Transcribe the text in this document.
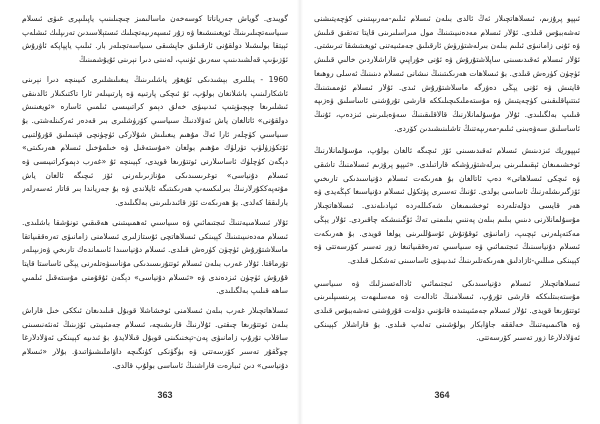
گويىدى. گوياش جەرياناتا كوسەخەن ماسالىمىز چىچىلىنىپ ياپىلىپرى غىۋى ئىسلام سىياسەتچىلىرىنىڭ ئويغىنىشىغا ۋە زۇر ئىسپەرىيەتچىلىك ئىستېلاسىدىن تەرىپلىك ئىشلەپ ئېيتقا بولىشىلا دولقۇنى ئارقىلىق جاپشىقى سىياسەتچىلەر بار. ئىلىپ ياپپاپكە ئاۋرۇش ئۆزىۋىپ قەلشىدىنىپ سەرىق ئۈنىپ، لەنىنى دىرا نېرىنى ئۇيۇشمىنىڭ

1960 - يىللىرى بېشىدىكى ئۇيغۇر ياشلىرىنىڭ يىغىلىشلىرى كىيىنچە دىرا نېرىنى ئاشكارلىنىپ باشلانغان بولۇپ، ئۇ ئىچكى پارتىيە ۋە پارتىيىلەر ئارا تاكتىكىلار ئالدىنقى ئىشلىرىغا چېچىۋېتىپ ئىدىيىۋى خەلق دېمو كراتىيىسى ئىلمىي ئاسارە «ئويغىنىش دولقۇنى» ئاتالغان ياش ئەۋلادنىڭ سىياسىي كۆرۈشلىرى بىر قەدەر ئەركىنلەشتى. بۇ سىياسىي كۈچلەر ئارا ئەڭ مۇھىم يىغىلىش شۇلاركى ئۈچۈنچى قېتىملىق قۇرۇلتىيى ئۆتكۈزۈلۈپ تۈرلۈك مۇھىم بولغان «مۇستەقىل ۋە خىلمۇخىل ئىسلام ھەرىكىتى» دېگەن كۈچلۈك ئاساسلارنى ئوتتۇرىغا قويدى، كېيىنچە ئۇ «غەرب دېموكراتىيىسى ۋە ئىسلام دۇنياسى» توغرىسىدىكى مۇنازىرىلەرنى ئۆز ئىچىگە ئالغان ياش مۇتەپەككۇرلارنىڭ بىرلىكسەپ ھەرىكىتىگە ئايلاندى ۋە بۇ جەرياندا بىر قاتار ئەسەرلەر بارلىققا كەلدى. بۇ ھەرىكەت ئۆز قائىدىلىرىنى بەلگىلىدى.

ئۇلار ئىسلامىيەتنىڭ ئىجتىمائىي ۋە سىياسىي ئەھمىيىتىنى ھەقىقىي تونۇشقا باشلىدى. ئىسلام مەدەنىيىتىنىڭ كېيىنكى ئىسلاھاتچى ئۇستازلىرى ئىسلامنى زامانىۋى تەرەققىياتقا ماسلاشتۇرۇش ئۈچۈن كۈرەش قىلدى. ئىسلام دۇنياسىدا ئاسماندەك تارىخي ۋەزىپىلەر تۇرماقتا. ئۇلار غەرب بىلەن ئىسلام ئوتتۇرىسىدىكى مۇناسىۋەتلەرنى يېڭى ئاساستا قايتا قۇرۇش ئۈچۈن ئىزدەندى ۋە «ئىسلام دۇنياسى» دېگەن ئۇقۇمنى مۇستەقىل ئىلمىي ساھە قىلىپ بەلگىلىدى.

ئىسلاھاتچىلار غەرب بىلەن ئىسلامنى ئوخشاشلا قوبۇل قىلىدىغان ئىككى خىل قاراش بىلەن ئوتتۇرىغا چىقتى. ئۇلارنىڭ قارىشىچە، ئىسلام جەمئىيىتى ئۆزىنىڭ ئەنئەنىسىنى ساقلاپ تۇرۇپ زامانىۋى پەن-تېخنىكىنى قوبۇل قىلالايدۇ. بۇ ئىدىيە كېيىنكى ئەۋلادلارغا چوڭقۇر تەسىر كۆرسەتتى ۋە بۈگۈنكى كۈنگىچە داۋاملىشىۋاتىدۇ. بۇلار «ئىسلام دۇنياسى» دىن ئىبارەت قاراشنىڭ ئاساسى بولۇپ قالدى.

ئىپپو پرۇزىم، ئىسلاھاتچىلار ئەڭ ئالدى بىلەن ئىسلام ئىلىم-مەرىپىتىنى كۈچەيتىشنى تەشەببۇس قىلدى. ئۇلار ئىسلام مەدەنىيىتىنىڭ مول مىراسلىرىنى قايتا تەتقىق قىلىش ۋە ئۇنى زامانىۋى ئىلىم بىلەن بىرلەشتۈرۈش ئارقىلىق جەمئىيەتنى ئويغىتىشقا تىرىشتى. ئۇلار ئىسلام ئەقىدىسىنى ساپلاشتۇرۇش ۋە ئۇنى خۇراپىي قاراشلاردىن خالىي قىلىش ئۈچۈن كۈرەش قىلدى. بۇ ئىسلاھات ھەرىكىتىنىڭ نىشانى ئىسلام دىنىنىڭ ئەسلى روھىغا قايتىش ۋە ئۇنى يېڭى دەۋرگە ماسلاشتۇرۇش ئىدى. ئۇلار ئىسلام ئۈممىتىنىڭ ئىتتىپاقلىقىنى كۈچەيتىش ۋە مۇستەملىكىچىلىككە قارشى تۇرۇشنى ئاساسلىق ۋەزىپە قىلىپ بەلگىلىدى. ئۇلار مۇسۇلمانلارنىڭ قالاقلىقىنىڭ سەۋەبلىرىنى ئىزدەپ، ئۇنىڭ ئاساسلىق سەۋەبىنى ئىلىم-مەرىپەتنىڭ تاشلىنىشىدىن كۆردى.

ئىپپوريك ئىزدىنىش ئىسلام ئەقىدىسىنى ئۆز ئىچىگە ئالغان بولۇپ، مۇسۇلمانلارنىڭ ئوخشىمىغان ئېقىملىرىنى بىرلەشتۈرۈشكە قاراتىلدى. «ئىپپو پرۇزىم ئىسلامنىڭ تاشقى ۋە ئىچكى ئىسلاھاتى» دەپ ئاتالغان بۇ ھەرىكەت ئىسلام دۇنياسىدىكى تارىخىي ئۆزگىرىشلەرنىڭ ئاساسى بولدى. ئۇنىڭ تەسىرى پۈتكۈل ئىسلام دۇنياسىغا كېڭەيدى ۋە ھەر قايسى دۆلەتلەردە ئوخشىمىغان شەكىللەردە ئىپادىلەندى. ئىسلاھاتچىلار مۇسۇلمانلارنى دىنىي بىلىم بىلەن پەننىي بىلىمنى تەڭ ئۆگىنىشكە چاقىردى. ئۇلار يېڭى مەكتەپلەرنى ئېچىپ، زامانىۋى ئوقۇتۇش ئۇسۇللىرىنى يولغا قويدى. بۇ ھەرىكەت ئىسلام دۇنياسىنىڭ ئىجتىمائىي ۋە سىياسىي تەرەققىياتىغا زور تەسىر كۆرسەتتى ۋە كېيىنكى مىللىي-ئازادلىق ھەرىكەتلىرىنىڭ ئىدىيىۋى ئاساسىنى تەشكىل قىلدى.

ئىسلاھاتچىلار ئىسلام دۇنياسىدىكى ئىجتىمائىي ئادالەتسىزلىك ۋە سىياسىي مۇستەبىتلىككە قارشى تۇرۇپ، ئىسلامنىڭ ئادالەت ۋە مەسلىھەت پرىنسىپلىرىنى ئوتتۇرىغا قويدى. ئۇلار ئىسلام جەمئىيىتىدە قانۇنىي دۆلەت قۇرۇشنى تەشەببۇس قىلدى ۋە ھاكىمىيەتنىڭ خەلققە جاۋابكار بولۇشىنى تەلەپ قىلدى. بۇ قاراشلار كېيىنكى ئەۋلادلارغا زور تەسىر كۆرسەتتى.

363	364
